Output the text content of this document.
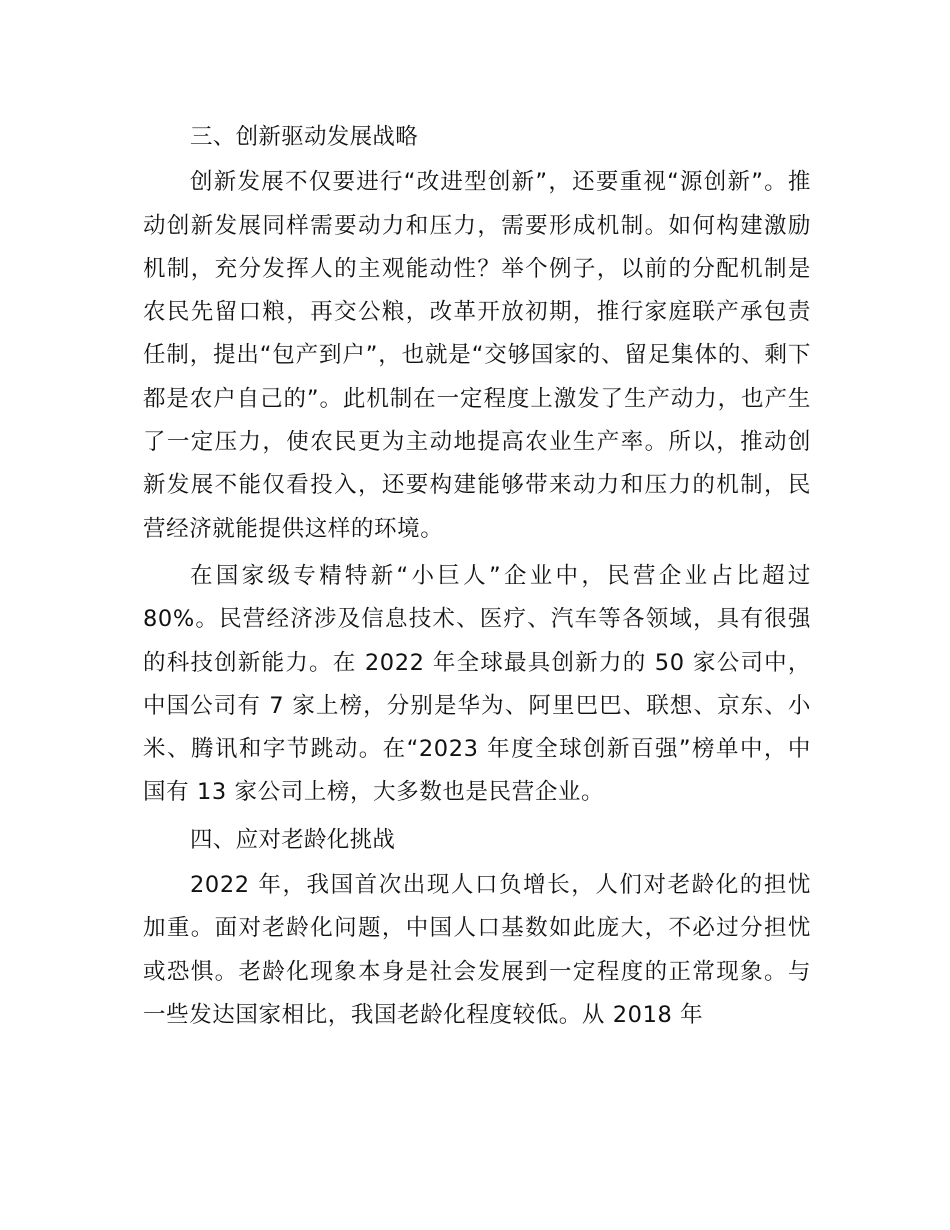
三、创新驱动发展战略

创新发展不仅要进行“改进型创新”，还要重视“源创新”。推动创新发展同样需要动力和压力，需要形成机制。如何构建激励机制，充分发挥人的主观能动性？举个例子，以前的分配机制是农民先留口粮，再交公粮，改革开放初期，推行家庭联产承包责任制，提出“包产到户”，也就是“交够国家的、留足集体的、剩下都是农户自己的”。此机制在一定程度上激发了生产动力，也产生了一定压力，使农民更为主动地提高农业生产率。所以，推动创新发展不能仅看投入，还要构建能够带来动力和压力的机制，民营经济就能提供这样的环境。

在国家级专精特新“小巨人”企业中，民营企业占比超过 80%。民营经济涉及信息技术、医疗、汽车等各领域，具有很强的科技创新能力。在 2022 年全球最具创新力的 50 家公司中，中国公司有 7 家上榜，分别是华为、阿里巴巴、联想、京东、小米、腾讯和字节跳动。在“2023 年度全球创新百强”榜单中，中国有 13 家公司上榜，大多数也是民营企业。

四、应对老龄化挑战

2022 年，我国首次出现人口负增长，人们对老龄化的担忧加重。面对老龄化问题，中国人口基数如此庞大，不必过分担忧或恐惧。老龄化现象本身是社会发展到一定程度的正常现象。与一些发达国家相比，我国老龄化程度较低。从 2018 年
